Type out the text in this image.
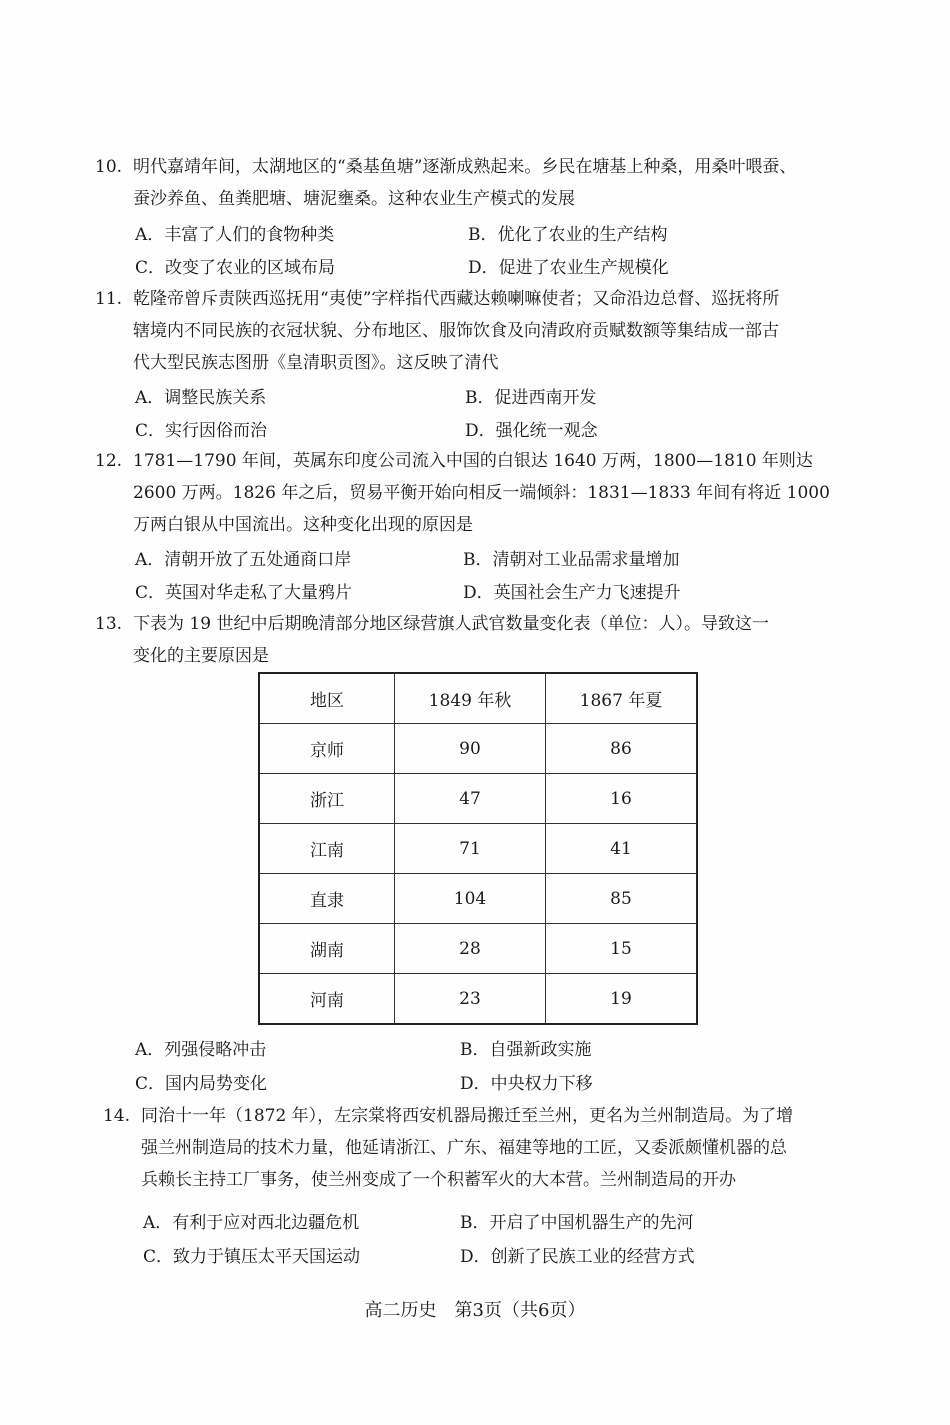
10. 明代嘉靖年间，太湖地区的“桑基鱼塘”逐渐成熟起来。乡民在塘基上种桑，用桑叶喂蚕、
蚕沙养鱼、鱼粪肥塘、塘泥壅桑。这种农业生产模式的发展
A．丰富了人们的食物种类	B．优化了农业的生产结构
C．改变了农业的区域布局	D．促进了农业生产规模化
11. 乾隆帝曾斥责陕西巡抚用“夷使”字样指代西藏达赖喇嘛使者；又命沿边总督、巡抚将所
辖境内不同民族的衣冠状貌、分布地区、服饰饮食及向清政府贡赋数额等集结成一部古
代大型民族志图册《皇清职贡图》。这反映了清代
A．调整民族关系	B．促进西南开发
C．实行因俗而治	D．强化统一观念
12. 1781—1790 年间，英属东印度公司流入中国的白银达 1640 万两，1800—1810 年则达
2600 万两。1826 年之后，贸易平衡开始向相反一端倾斜：1831—1833 年间有将近 1000
万两白银从中国流出。这种变化出现的原因是
A．清朝开放了五处通商口岸	B．清朝对工业品需求量增加
C．英国对华走私了大量鸦片	D．英国社会生产力飞速提升
13. 下表为 19 世纪中后期晚清部分地区绿营旗人武官数量变化表（单位：人）。导致这一
变化的主要原因是
地区	1849 年秋	1867 年夏
京师	90	86
浙江	47	16
江南	71	41
直隶	104	85
湖南	28	15
河南	23	19
A．列强侵略冲击	B．自强新政实施
C．国内局势变化	D．中央权力下移
14. 同治十一年（1872 年），左宗棠将西安机器局搬迁至兰州，更名为兰州制造局。为了增
强兰州制造局的技术力量，他延请浙江、广东、福建等地的工匠，又委派颇懂机器的总
兵赖长主持工厂事务，使兰州变成了一个积蓄军火的大本营。兰州制造局的开办
A．有利于应对西北边疆危机	B．开启了中国机器生产的先河
C．致力于镇压太平天国运动	D．创新了民族工业的经营方式
高二历史　第3页（共6页）
